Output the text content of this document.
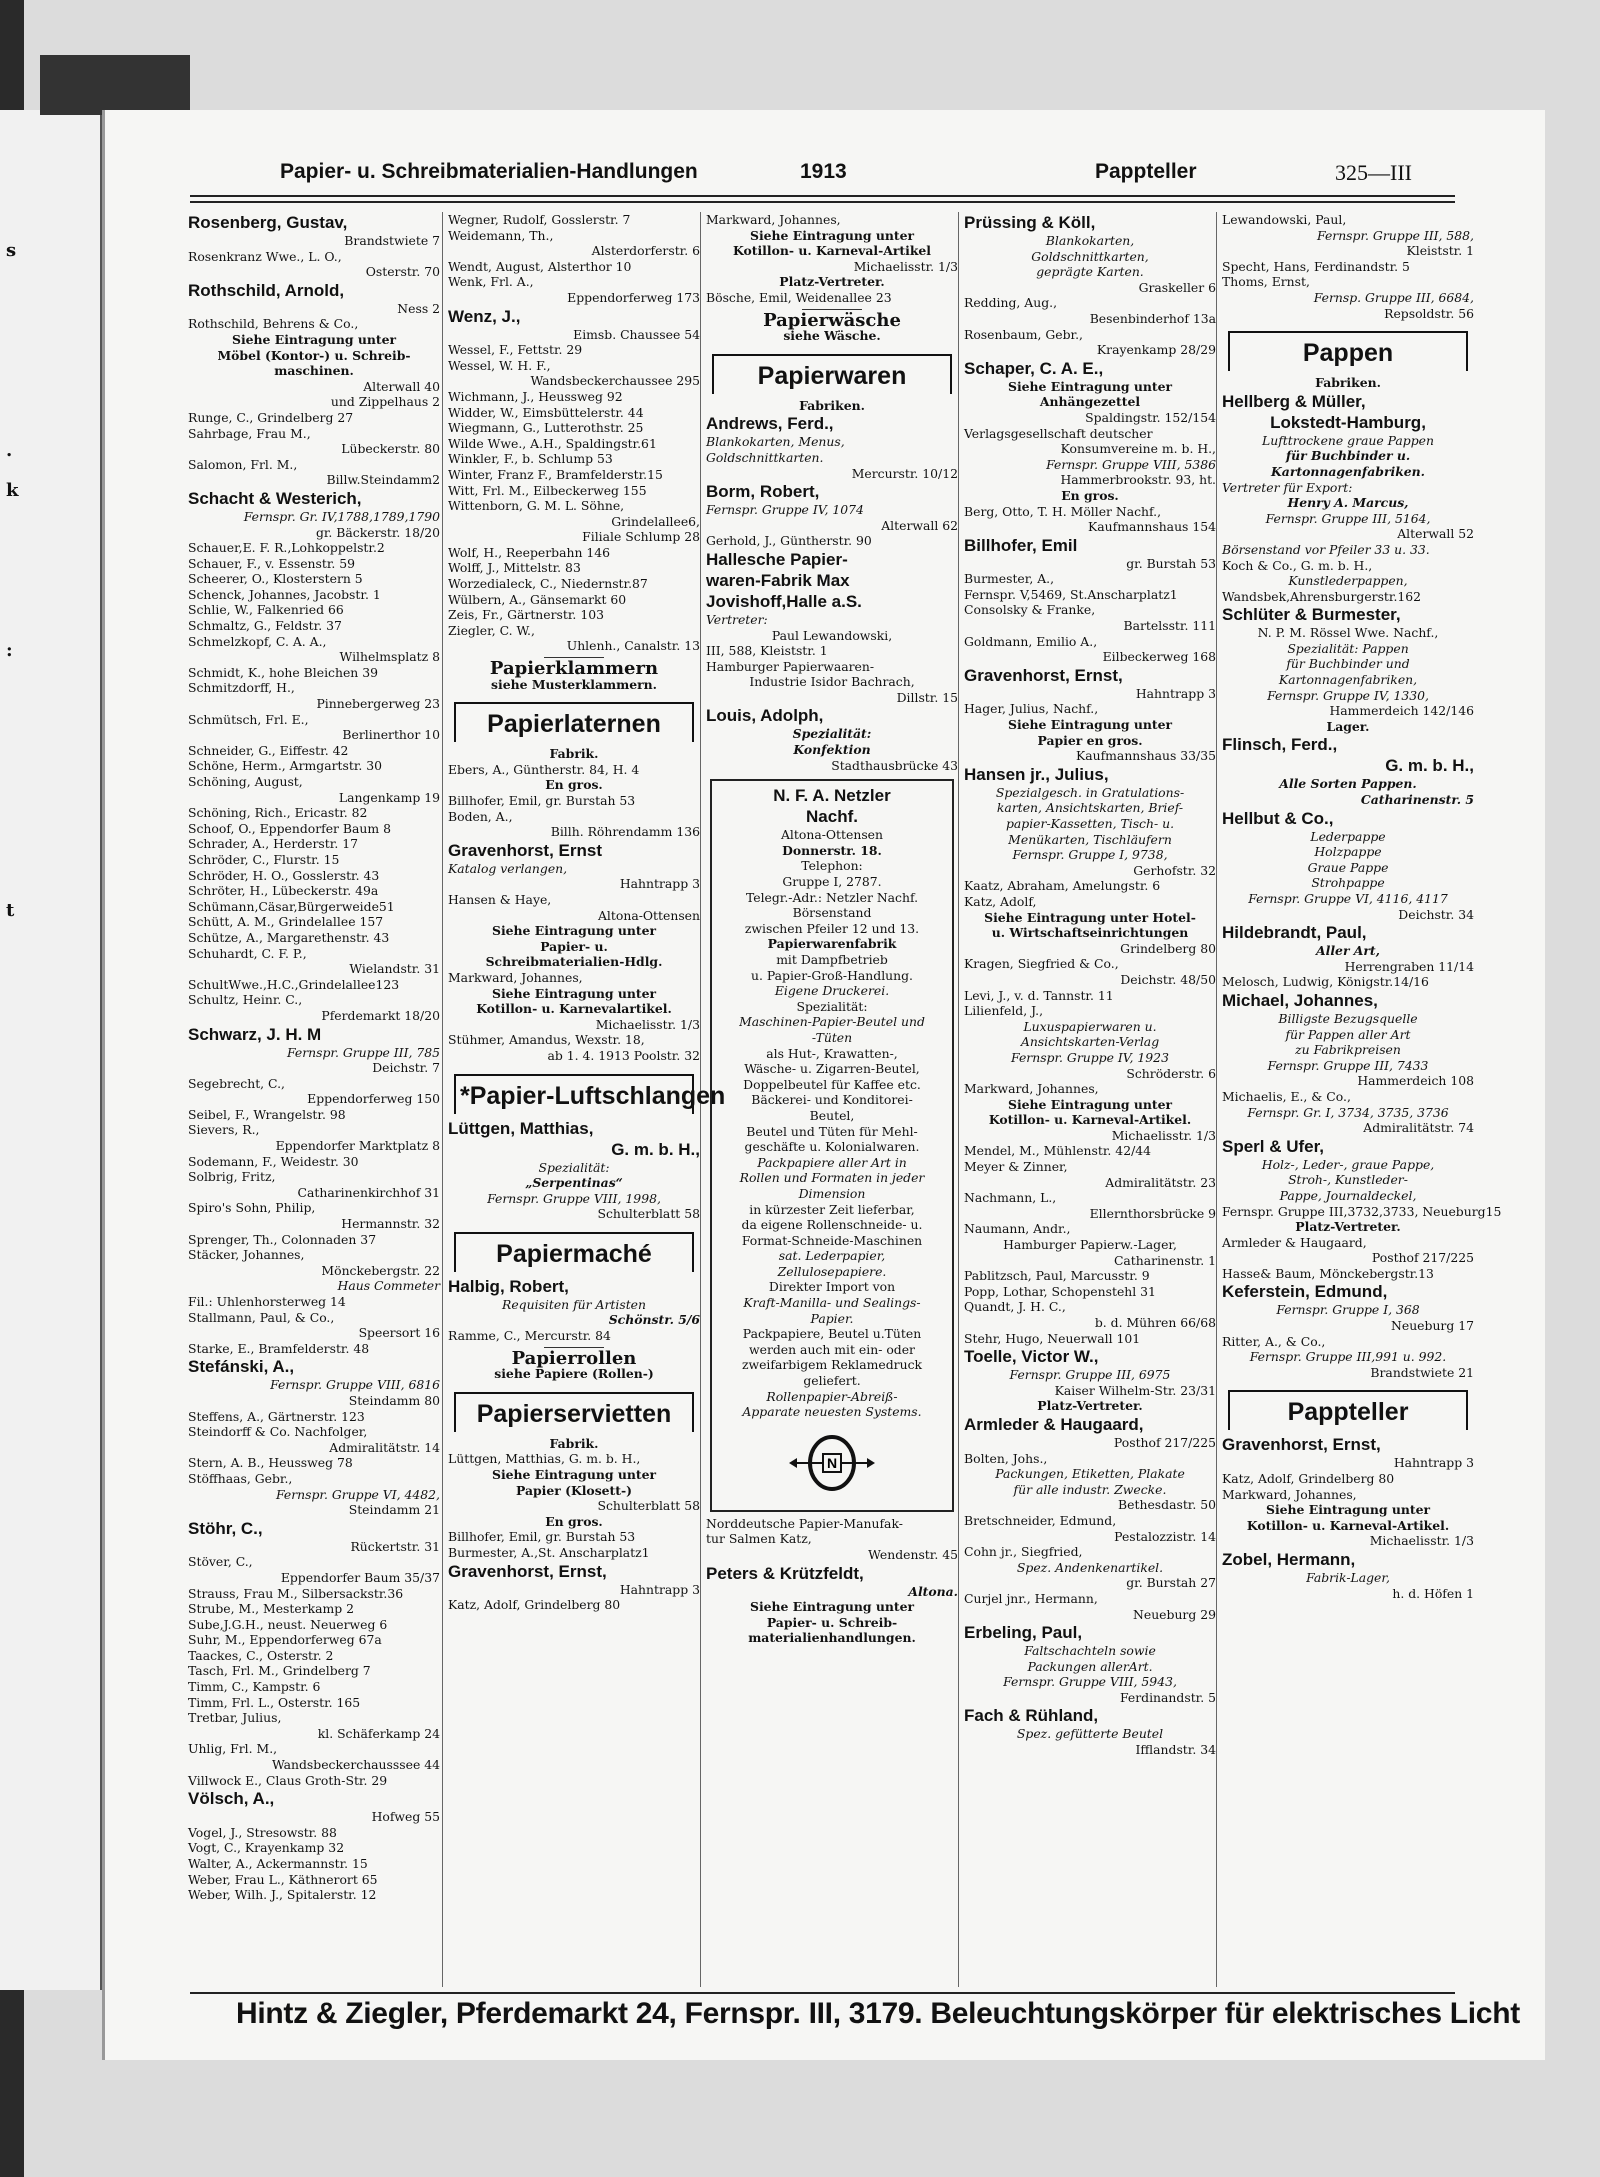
s
.
k
:
t
Papier- u. Schreibmaterialien-Handlungen	1913	Pappteller	325—III
Rosenberg, Gustav,
Brandstwiete 7
Rosenkranz Wwe., L. O.,
Osterstr. 70
Rothschild, Arnold,
Ness 2
Rothschild, Behrens & Co.,
Siehe Eintragung unter
Möbel (Kontor-) u. Schreib-
maschinen.
Alterwall 40
und Zippelhaus 2
Runge, C., Grindelberg 27
Sahrbage, Frau M.,
Lübeckerstr. 80
Salomon, Frl. M.,
Billw.Steindamm2
Schacht & Westerich,
Fernspr. Gr. IV,1788,1789,1790
gr. Bäckerstr. 18/20
Schauer,E. F. R.,Lohkoppelstr.2
Schauer, F., v. Essenstr. 59
Scheerer, O., Klosterstern 5
Schenck, Johannes, Jacobstr. 1
Schlie, W., Falkenried 66
Schmaltz, G., Feldstr. 37
Schmelzkopf, C. A. A.,
Wilhelmsplatz 8
Schmidt, K., hohe Bleichen 39
Schmitzdorff, H.,
Pinnebergerweg 23
Schmütsch, Frl. E.,
Berlinerthor 10
Schneider, G., Eiffestr. 42
Schöne, Herm., Armgartstr. 30
Schöning, August,
Langenkamp 19
Schöning, Rich., Ericastr. 82
Schoof, O., Eppendorfer Baum 8
Schrader, A., Herderstr. 17
Schröder, C., Flurstr. 15
Schröder, H. O., Gosslerstr. 43
Schröter, H., Lübeckerstr. 49a
Schümann,Cäsar,Bürgerweide51
Schütt, A. M., Grindelallee 157
Schütze, A., Margarethenstr. 43
Schuhardt, C. F. P.,
Wielandstr. 31
SchultWwe.,H.C.,Grindelallee123
Schultz, Heinr. C.,
Pferdemarkt 18/20
Schwarz, J. H. M
Fernspr. Gruppe III, 785
Deichstr. 7
Segebrecht, C.,
Eppendorferweg 150
Seibel, F., Wrangelstr. 98
Sievers, R.,
Eppendorfer Marktplatz 8
Sodemann, F., Weidestr. 30
Solbrig, Fritz,
Catharinenkirchhof 31
Spiro's Sohn, Philip,
Hermannstr. 32
Sprenger, Th., Colonnaden 37
Stäcker, Johannes,
Mönckebergstr. 22
Haus Commeter
Fil.: Uhlenhorsterweg 14
Stallmann, Paul, & Co.,
Speersort 16
Starke, E., Bramfelderstr. 48
Stefánski, A.,
Fernspr. Gruppe VIII, 6816
Steindamm 80
Steffens, A., Gärtnerstr. 123
Steindorff & Co. Nachfolger,
Admiralitätstr. 14
Stern, A. B., Heussweg 78
Stöffhaas, Gebr.,
Fernspr. Gruppe VI, 4482,
Steindamm 21
Stöhr, C.,
Rückertstr. 31
Stöver, C.,
Eppendorfer Baum 35/37
Strauss, Frau M., Silbersackstr.36
Strube, M., Mesterkamp 2
Sube,J.G.H., neust. Neuerweg 6
Suhr, M., Eppendorferweg 67a
Taackes, C., Osterstr. 2
Tasch, Frl. M., Grindelberg 7
Timm, C., Kampstr. 6
Timm, Frl. L., Osterstr. 165
Tretbar, Julius,
kl. Schäferkamp 24
Uhlig, Frl. M.,
Wandsbeckerchausssee 44
Villwock E., Claus Groth-Str. 29
Völsch, A.,
Hofweg 55
Vogel, J., Stresowstr. 88
Vogt, C., Krayenkamp 32
Walter, A., Ackermannstr. 15
Weber, Frau L., Käthnerort 65
Weber, Wilh. J., Spitalerstr. 12
Wegner, Rudolf, Gosslerstr. 7
Weidemann, Th.,
Alsterdorferstr. 6
Wendt, August, Alsterthor 10
Wenk, Frl. A.,
Eppendorferweg 173
Wenz, J.,
Eimsb. Chaussee 54
Wessel, F., Fettstr. 29
Wessel, W. H. F.,
Wandsbeckerchaussee 295
Wichmann, J., Heussweg 92
Widder, W., Eimsbüttelerstr. 44
Wiegmann, G., Lutterothstr. 25
Wilde Wwe., A.H., Spaldingstr.61
Winkler, F., b. Schlump 53
Winter, Franz F., Bramfelderstr.15
Witt, Frl. M., Eilbeckerweg 155
Wittenborn, G. M. L. Söhne,
Grindelallee6,
Filiale Schlump 28
Wolf, H., Reeperbahn 146
Wolff, J., Mittelstr. 83
Worzedialeck, C., Niedernstr.87
Wülbern, A., Gänsemarkt 60
Zeis, Fr., Gärtnerstr. 103
Ziegler, C. W.,
Uhlenh., Canalstr. 13
Papierklammern
siehe Musterklammern.
Papierlaternen
Fabrik.
Ebers, A., Güntherstr. 84, H. 4
En gros.
Billhofer, Emil, gr. Burstah 53
Boden, A.,
Billh. Röhrendamm 136
Gravenhorst, Ernst
Katalog verlangen,
Hahntrapp 3
Hansen & Haye,
Altona-Ottensen
Siehe Eintragung unter
Papier- u.
Schreibmaterialien-Hdlg.
Markward, Johannes,
Siehe Eintragung unter
Kotillon- u. Karnevalartikel.
Michaelisstr. 1/3
Stühmer, Amandus, Wexstr. 18,
ab 1. 4. 1913 Poolstr. 32
*Papier-Luftschlangen
Lüttgen, Matthias,
G. m. b. H.,
Spezialität:
„Serpentinas“
Fernspr. Gruppe VIII, 1998,
Schulterblatt 58
Papiermaché
Halbig, Robert,
Requisiten für Artisten
Schönstr. 5/6
Ramme, C., Mercurstr. 84
Papierrollen
siehe Papiere (Rollen-)
Papierservietten
Fabrik.
Lüttgen, Matthias, G. m. b. H.,
Siehe Eintragung unter
Papier (Klosett-)
Schulterblatt 58
En gros.
Billhofer, Emil, gr. Burstah 53
Burmester, A.,St. Anscharplatz1
Gravenhorst, Ernst,
Hahntrapp 3
Katz, Adolf, Grindelberg 80
Markward, Johannes,
Siehe Eintragung unter
Kotillon- u. Karneval-Artikel
Michaelisstr. 1/3
Platz-Vertreter.
Bösche, Emil, Weidenallee 23
Papierwäsche
siehe Wäsche.
Papierwaren
Fabriken.
Andrews, Ferd.,
Blankokarten, Menus,
Goldschnittkarten.
Mercurstr. 10/12
Borm, Robert,
Fernspr. Gruppe IV, 1074
Alterwall 62
Gerhold, J., Güntherstr. 90
Hallesche Papier-
waren-Fabrik Max
Jovishoff,Halle a.S.
Vertreter:
Paul Lewandowski,
III, 588, Kleiststr. 1
Hamburger Papierwaaren-
Industrie Isidor Bachrach,
Dillstr. 15
Louis, Adolph,
Spezialität:
Konfektion
Stadthausbrücke 43
N. F. A. Netzler
Nachf.
Altona-Ottensen
Donnerstr. 18.
Telephon:
Gruppe I, 2787.
Telegr.-Adr.: Netzler Nachf.
Börsenstand
zwischen Pfeiler 12 und 13.
Papierwarenfabrik
mit Dampfbetrieb
u. Papier-Groß-Handlung.
Eigene Druckerei.
Spezialität:
Maschinen-Papier-Beutel und
-Tüten
als Hut-, Krawatten-,
Wäsche- u. Zigarren-Beutel,
Doppelbeutel für Kaffee etc.
Bäckerei- und Konditorei-
Beutel,
Beutel und Tüten für Mehl-
geschäfte u. Kolonialwaren.
Packpapiere aller Art in
Rollen und Formaten in jeder
Dimension
in kürzester Zeit lieferbar,
da eigene Rollenschneide- u.
Format-Schneide-Maschinen
sat. Lederpapier,
Zellulosepapiere.
Direkter Import von
Kraft-Manilla- und Sealings-
Papier.
Packpapiere, Beutel u.Tüten
werden auch mit ein- oder
zweifarbigem Reklamedruck
geliefert.
Rollenpapier-Abreiß-
Apparate neuesten Systems.
N
Norddeutsche Papier-Manufak-
tur Salmen Katz,
Wendenstr. 45
Peters & Krützfeldt,
Altona.
Siehe Eintragung unter
Papier- u. Schreib-
materialienhandlungen.
Prüssing & Köll,
Blankokarten,
Goldschnittkarten,
geprägte Karten.
Graskeller 6
Redding, Aug.,
Besenbinderhof 13a
Rosenbaum, Gebr.,
Krayenkamp 28/29
Schaper, C. A. E.,
Siehe Eintragung unter
Anhängezettel
Spaldingstr. 152/154
Verlagsgesellschaft deutscher
Konsumvereine m. b. H.,
Fernspr. Gruppe VIII, 5386
Hammerbrookstr. 93, ht.
En gros.
Berg, Otto, T. H. Möller Nachf.,
Kaufmannshaus 154
Billhofer, Emil
gr. Burstah 53
Burmester, A.,
Fernspr. V,5469, St.Anscharplatz1
Consolsky & Franke,
Bartelsstr. 111
Goldmann, Emilio A.,
Eilbeckerweg 168
Gravenhorst, Ernst,
Hahntrapp 3
Hager, Julius, Nachf.,
Siehe Eintragung unter
Papier en gros.
Kaufmannshaus 33/35
Hansen jr., Julius,
Spezialgesch. in Gratulations-
karten, Ansichtskarten, Brief-
papier-Kassetten, Tisch- u.
Menükarten, Tischläufern
Fernspr. Gruppe I, 9738,
Gerhofstr. 32
Kaatz, Abraham, Amelungstr. 6
Katz, Adolf,
Siehe Eintragung unter Hotel-
u. Wirtschaftseinrichtungen
Grindelberg 80
Kragen, Siegfried & Co.,
Deichstr. 48/50
Levi, J., v. d. Tannstr. 11
Lilienfeld, J.,
Luxuspapierwaren u.
Ansichtskarten-Verlag
Fernspr. Gruppe IV, 1923
Schröderstr. 6
Markward, Johannes,
Siehe Eintragung unter
Kotillon- u. Karneval-Artikel.
Michaelisstr. 1/3
Mendel, M., Mühlenstr. 42/44
Meyer & Zinner,
Admiralitätstr. 23
Nachmann, L.,
Ellernthorsbrücke 9
Naumann, Andr.,
Hamburger Papierw.-Lager,
Catharinenstr. 1
Pablitzsch, Paul, Marcusstr. 9
Popp, Lothar, Schopenstehl 31
Quandt, J. H. C.,
b. d. Mühren 66/68
Stehr, Hugo, Neuerwall 101
Toelle, Victor W.,
Fernspr. Gruppe III, 6975
Kaiser Wilhelm-Str. 23/31
Platz-Vertreter.
Armleder & Haugaard,
Posthof 217/225
Bolten, Johs.,
Packungen, Etiketten, Plakate
für alle industr. Zwecke.
Bethesdastr. 50
Bretschneider, Edmund,
Pestalozzistr. 14
Cohn jr., Siegfried,
Spez. Andenkenartikel.
gr. Burstah 27
Curjel jnr., Hermann,
Neueburg 29
Erbeling, Paul,
Faltschachteln sowie
Packungen allerArt.
Fernspr. Gruppe VIII, 5943,
Ferdinandstr. 5
Fach & Rühland,
Spez. gefütterte Beutel
Ifflandstr. 34
Lewandowski, Paul,
Fernspr. Gruppe III, 588,
Kleiststr. 1
Specht, Hans, Ferdinandstr. 5
Thoms, Ernst,
Fernsp. Gruppe III, 6684,
Repsoldstr. 56
Pappen
Fabriken.
Hellberg & Müller,
Lokstedt-Hamburg,
Lufttrockene graue Pappen
für Buchbinder u.
Kartonnagenfabriken.
Vertreter für Export:
Henry A. Marcus,
Fernspr. Gruppe III, 5164,
Alterwall 52
Börsenstand vor Pfeiler 33 u. 33.
Koch & Co., G. m. b. H.,
Kunstlederpappen,
Wandsbek,Ahrensburgerstr.162
Schlüter & Burmester,
N. P. M. Rössel Wwe. Nachf.,
Spezialität: Pappen
für Buchbinder und
Kartonnagenfabriken,
Fernspr. Gruppe IV, 1330,
Hammerdeich 142/146
Lager.
Flinsch, Ferd.,
G. m. b. H.,
Alle Sorten Pappen.
Catharinenstr. 5
Hellbut & Co.,
Lederpappe
Holzpappe
Graue Pappe
Strohpappe
Fernspr. Gruppe VI, 4116, 4117
Deichstr. 34
Hildebrandt, Paul,
Aller Art,
Herrengraben 11/14
Melosch, Ludwig, Königstr.14/16
Michael, Johannes,
Billigste Bezugsquelle
für Pappen aller Art
zu Fabrikpreisen
Fernspr. Gruppe III, 7433
Hammerdeich 108
Michaelis, E., & Co.,
Fernspr. Gr. I, 3734, 3735, 3736
Admiralitätstr. 74
Sperl & Ufer,
Holz-, Leder-, graue Pappe,
Stroh-, Kunstleder-
Pappe, Journaldeckel,
Fernspr. Gruppe III,3732,3733, Neueburg15
Platz-Vertreter.
Armleder & Haugaard,
Posthof 217/225
Hasse& Baum, Mönckebergstr.13
Keferstein, Edmund,
Fernspr. Gruppe I, 368
Neueburg 17
Ritter, A., & Co.,
Fernspr. Gruppe III,991 u. 992.
Brandstwiete 21
Pappteller
Gravenhorst, Ernst,
Hahntrapp 3
Katz, Adolf, Grindelberg 80
Markward, Johannes,
Siehe Eintragung unter
Kotillon- u. Karneval-Artikel.
Michaelisstr. 1/3
Zobel, Hermann,
Fabrik-Lager,
h. d. Höfen 1
Hintz & Ziegler, Pferdemarkt 24, Fernspr. III, 3179. Beleuchtungskörper für elektrisches Licht
